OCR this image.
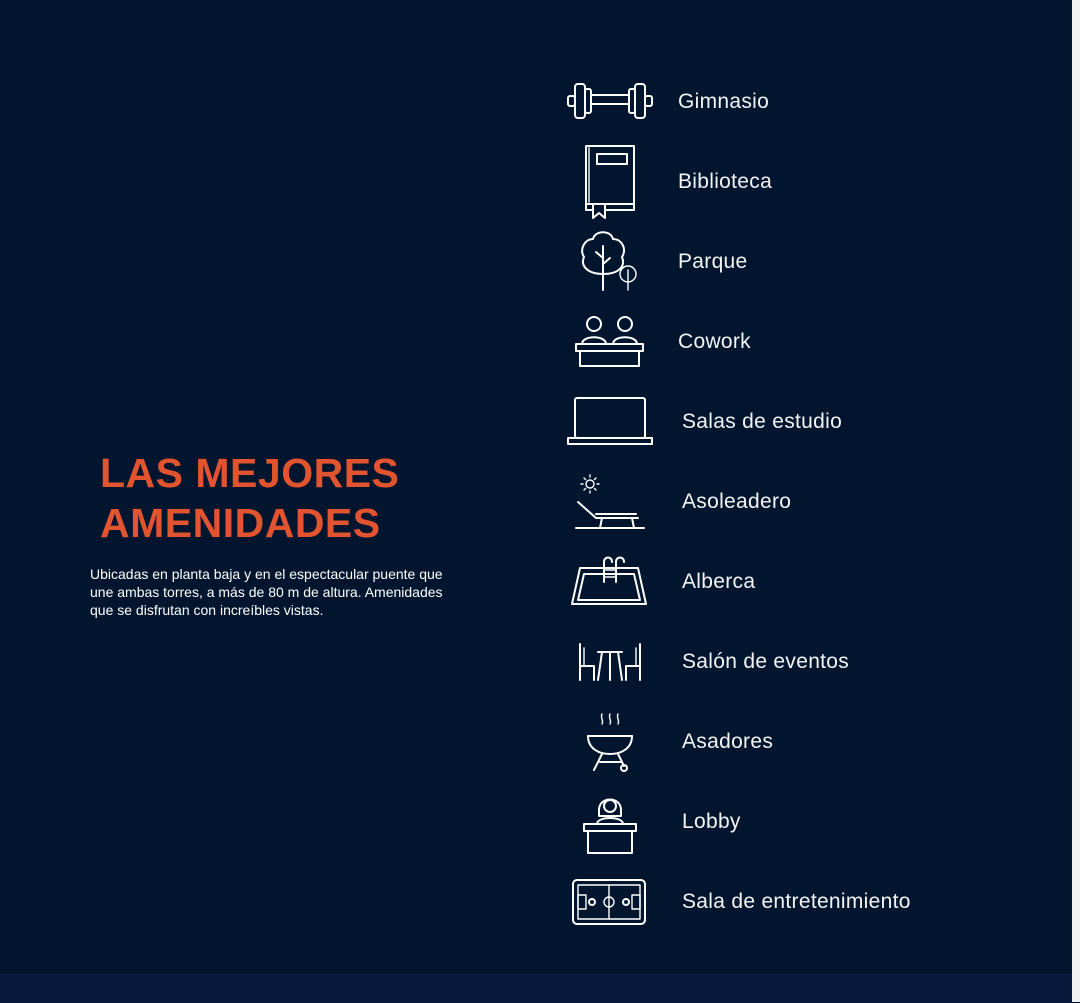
LAS MEJORES
AMENIDADES

Ubicadas en planta baja y en el espectacular puente que une ambas torres, a más de 80 m de altura. Amenidades que se disfrutan con increíbles vistas.

Gimnasio
Biblioteca
Parque
Cowork
Salas de estudio
Asoleadero
Alberca
Salón de eventos
Asadores
Lobby
Sala de entretenimiento
